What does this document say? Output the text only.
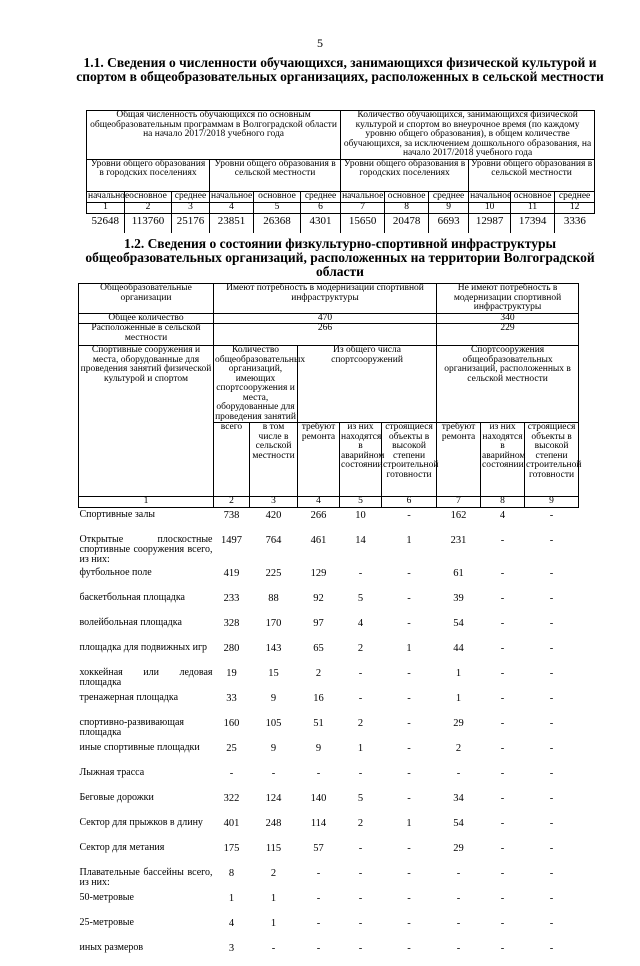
5
1.1. Сведения о численности обучающихся, занимающихся физической культурой и спортом в общеобразовательных организациях, расположенных в сельской местности
Общая численность обучающихся по основным общеобразовательным программам в Волгоградской области на начало 2017/2018 учебного года						Количество обучающихся, занимающихся физической культурой и спортом во внеурочное время (по каждому уровню общего образования), в общем количестве обучающихся, за исключением дошкольного образования, на начало 2017/2018 учебного года					
Уровни общего образования в городских поселениях			Уровни общего образования в сельской местности			Уровни общего образования в городских поселениях			Уровни общего образования в сельской местности		
начальное	основное	среднее	начальное	основное	среднее	начальное	основное	среднее	начальное	основное	среднее
1	2	3	4	5	6	7	8	9	10	11	12
52648	113760	25176	23851	26368	4301	15650	20478	6693	12987	17394	3336
1.2. Сведения о состоянии физкультурно-спортивной инфраструктуры общеобразовательных организаций, расположенных на территории Волгоградской области
Общеобразовательные организации	Имеют потребность в модернизации спортивной инфраструктуры					Не имеют потребность в модернизации спортивной инфраструктуры		
Общее количество	470					340		
Расположенные в сельской местности	266					229		
Спортивные сооружения и места, оборудованные для проведения занятий физической культурой и спортом	Количество общеобразовательных организаций, имеющих спортсооружения и места, оборудованные для проведения занятий		Из общего числа спортсооружений			Спортсооружения общеобразовательных организаций, расположенных в сельской местности		
	всего	в том числе в сельской местности	требуют ремонта	из них находятся в аварийном состоянии	строящиеся объекты в высокой степени строительной готовности	требуют ремонта	из них находятся в аварийном состоянии	строящиеся объекты в высокой степени строительной готовности
1	2	3	4	5	6	7	8	9
Спортивные залы	738	420	266	10	-	162	4	-
Открытые плоскостные спортивные сооружения всего, из них:	1497	764	461	14	1	231	-	-
футбольное поле	419	225	129	-	-	61	-	-
баскетбольная площадка	233	88	92	5	-	39	-	-
волейбольная площадка	328	170	97	4	-	54	-	-
площадка для подвижных игр	280	143	65	2	1	44	-	-
хоккейная или ледовая площадка	19	15	2	-	-	1	-	-
тренажерная площадка	33	9	16	-	-	1	-	-
спортивно-развивающая площадка	160	105	51	2	-	29	-	-
иные спортивные площадки	25	9	9	1	-	2	-	-
Лыжная трасса	-	-	-	-	-	-	-	-
Беговые дорожки	322	124	140	5	-	34	-	-
Сектор для прыжков в длину	401	248	114	2	1	54	-	-
Сектор для метания	175	115	57	-	-	29	-	-
Плавательные бассейны всего, из них:	8	2	-	-	-	-	-	-
50-метровые	1	1	-	-	-	-	-	-
25-метровые	4	1	-	-	-	-	-	-
иных размеров	3	-	-	-	-	-	-	-
